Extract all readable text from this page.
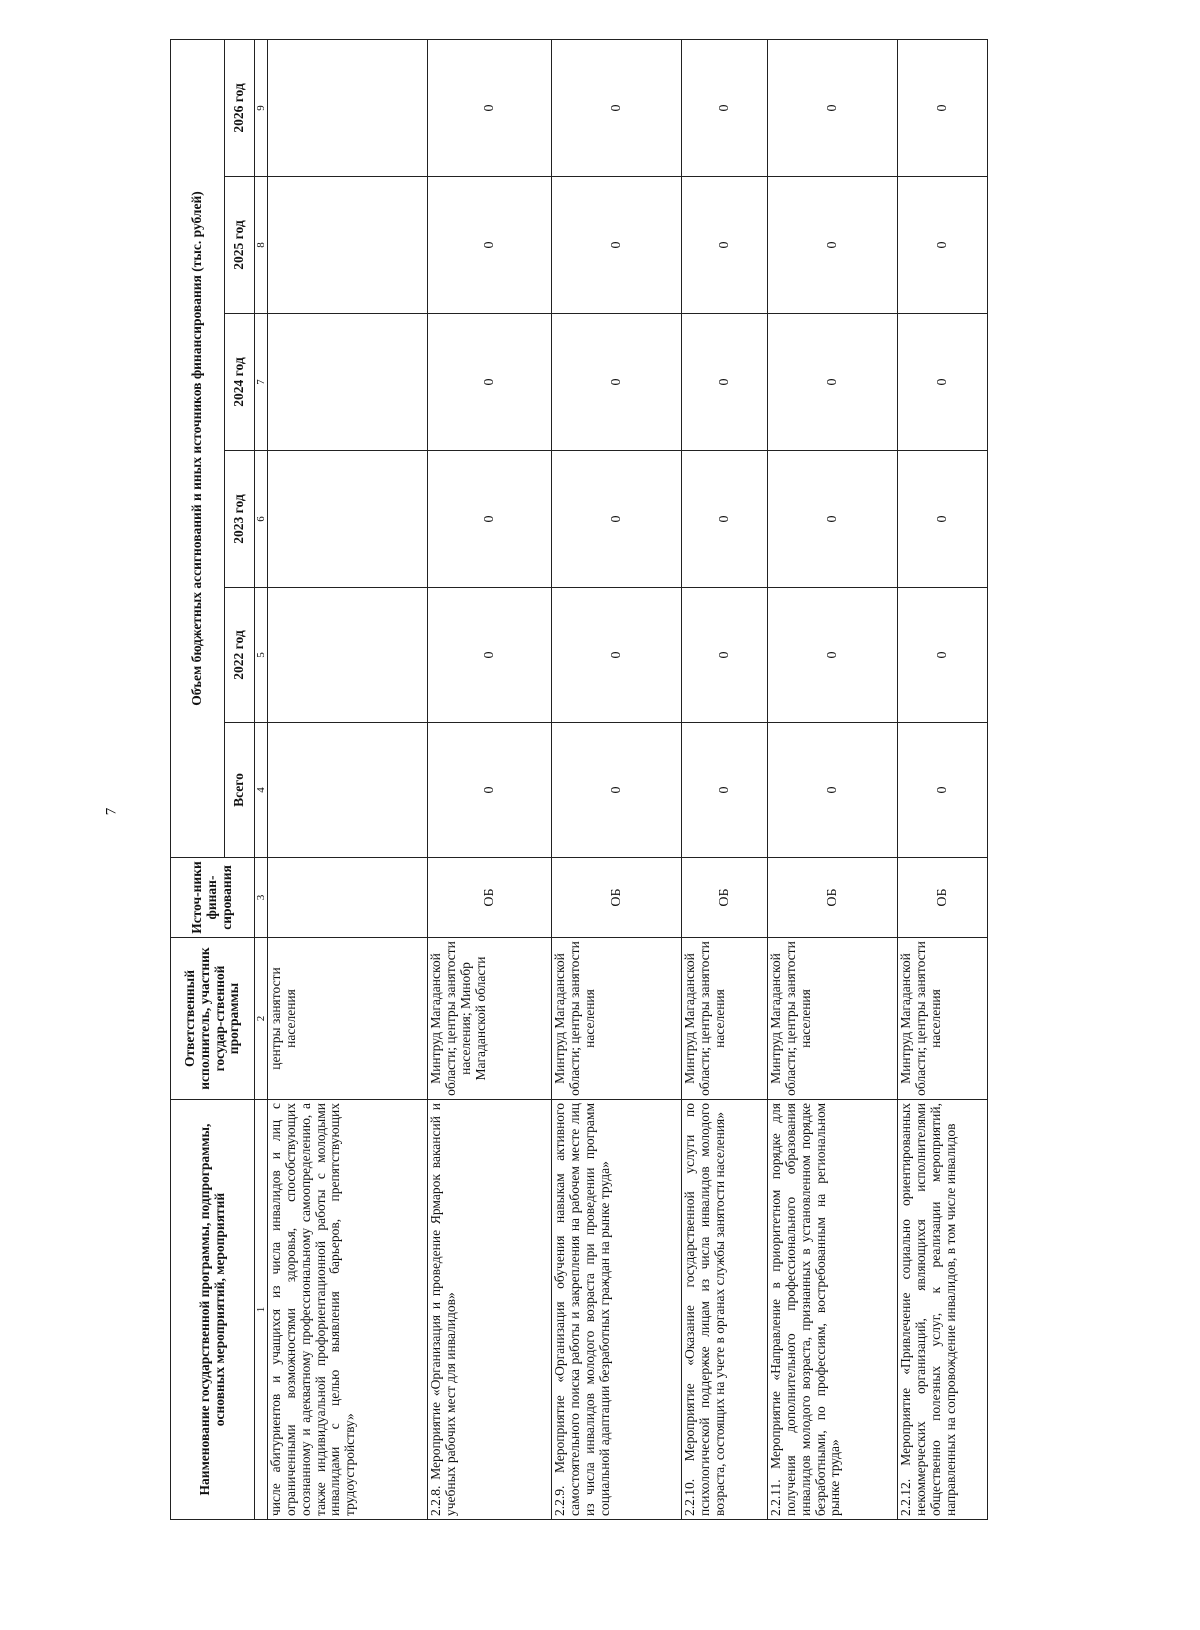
7
Наименование государственной программы, подпрограммы, основных мероприятий, мероприятий	Ответственный исполнитель, участник государ-ственной программы	Источ-ники финан-сирования	Объем бюджетных ассигнований и иных источников финансирования (тыс. рублей)					
			Всего	2022 год	2023 год	2024 год	2025 год	2026 год
1	2	3	4	5	6	7	8	9
числе абитуриентов и учащихся из числа инвалидов и лиц с ограниченными возможностями здоровья, способствующих осознанному и адекватному профессиональному самоопределению, а также индивидуальной профориентационной работы с молодыми инвалидами с целью выявления барьеров, препятствующих трудоустройству»	центры занятости населения							
2.2.8. Мероприятие «Организация и проведение Ярмарок вакансий и учебных рабочих мест для инвалидов»	Минтруд Магаданской области; центры занятости населения; Минобр Магаданской области	ОБ	0	0	0	0	0	0
2.2.9. Мероприятие «Организация обучения навыкам активного самостоятельного поиска работы и закрепления на рабочем месте лиц из числа инвалидов молодого возраста при проведении программ социальной адаптации безработных граждан на рынке труда»	Минтруд Магаданской области; центры занятости населения	ОБ	0	0	0	0	0	0
2.2.10. Мероприятие «Оказание государственной услуги по психологической поддержке лицам из числа инвалидов молодого возраста, состоящих на учете в органах службы занятости населения»	Минтруд Магаданской области; центры занятости населения	ОБ	0	0	0	0	0	0
2.2.11. Мероприятие «Направление в приоритетном порядке для получения дополнительного профессионального образования инвалидов молодого возраста, признанных в установленном порядке безработными, по профессиям, востребованным на региональном рынке труда»	Минтруд Магаданской области; центры занятости населения	ОБ	0	0	0	0	0	0
2.2.12. Мероприятие «Привлечение социально ориентированных некоммерческих организаций, являющихся исполнителями общественно полезных услуг, к реализации мероприятий, направленных на сопровождение инвалидов, в том числе инвалидов	Минтруд Магаданской области; центры занятости населения	ОБ	0	0	0	0	0	0
